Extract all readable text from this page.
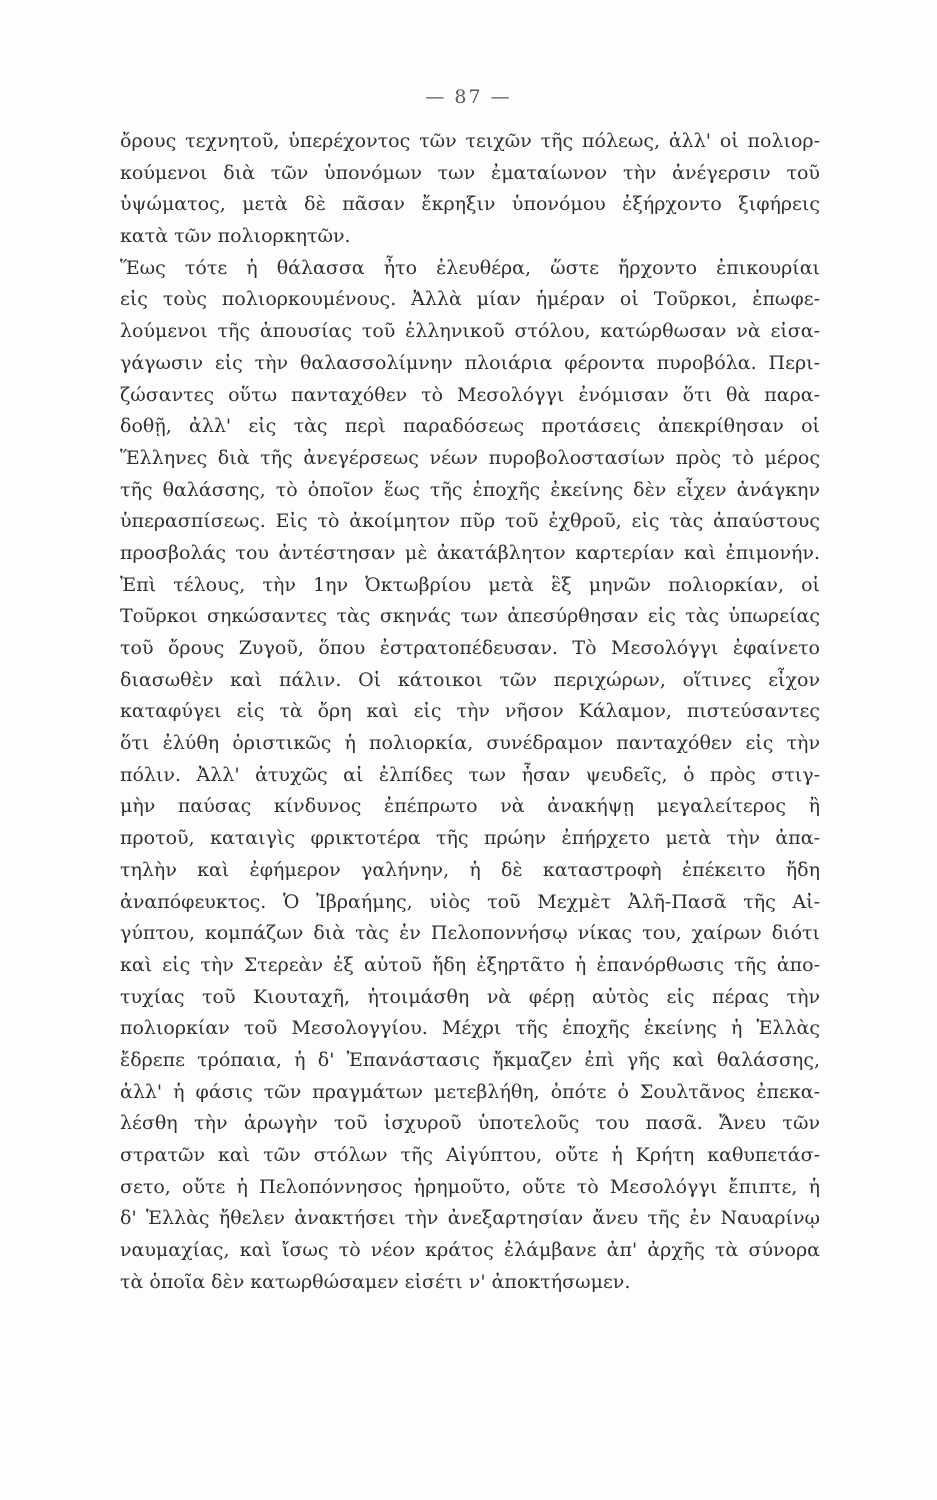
— 87 —
ὄρους τεχνητοῦ, ὑπερέχοντος τῶν τειχῶν τῆς πόλεως, ἀλλ' οἱ πολιορ-
κούμενοι διὰ τῶν ὑπονόμων των ἐματαίωνον τὴν ἀνέγερσιν τοῦ
ὑψώματος, μετὰ δὲ πᾶσαν ἔκρηξιν ὑπονόμου ἐξήρχοντο ξιφήρεις
κατὰ τῶν πολιορκητῶν.
Ἕως τότε ἡ θάλασσα ἦτο ἐλευθέρα, ὥστε ἤρχοντο ἐπικουρίαι
εἰς τοὺς πολιορκουμένους. Ἀλλὰ μίαν ἡμέραν οἱ Τοῦρκοι, ἐπωφε-
λούμενοι τῆς ἀπουσίας τοῦ ἑλληνικοῦ στόλου, κατώρθωσαν νὰ εἰσα-
γάγωσιν εἰς τὴν θαλασσολίμνην πλοιάρια φέροντα πυροβόλα. Περι-
ζώσαντες οὕτω πανταχόθεν τὸ Μεσολόγγι ἐνόμισαν ὅτι θὰ παρα-
δοθῇ, ἀλλ' εἰς τὰς περὶ παραδόσεως προτάσεις ἀπεκρίθησαν οἱ
Ἕλληνες διὰ τῆς ἀνεγέρσεως νέων πυροβολοστασίων πρὸς τὸ μέρος
τῆς θαλάσσης, τὸ ὁποῖον ἕως τῆς ἐποχῆς ἐκείνης δὲν εἶχεν ἀνάγκην
ὑπερασπίσεως. Εἰς τὸ ἀκοίμητον πῦρ τοῦ ἐχθροῦ, εἰς τὰς ἀπαύστους
προσβολάς του ἀντέστησαν μὲ ἀκατάβλητον καρτερίαν καὶ ἐπιμονήν.
Ἐπὶ τέλους, τὴν 1ην Ὀκτωβρίου μετὰ ἓξ μηνῶν πολιορκίαν, οἱ
Τοῦρκοι σηκώσαντες τὰς σκηνάς των ἀπεσύρθησαν εἰς τὰς ὑπωρείας
τοῦ ὄρους Ζυγοῦ, ὅπου ἐστρατοπέδευσαν. Τὸ Μεσολόγγι ἐφαίνετο
διασωθὲν καὶ πάλιν. Οἱ κάτοικοι τῶν περιχώρων, οἵτινες εἶχον
καταφύγει εἰς τὰ ὄρη καὶ εἰς τὴν νῆσον Κάλαμον, πιστεύσαντες
ὅτι ἐλύθη ὁριστικῶς ἡ πολιορκία, συνέδραμον πανταχόθεν εἰς τὴν
πόλιν. Ἀλλ' ἀτυχῶς αἱ ἐλπίδες των ἦσαν ψευδεῖς, ὁ πρὸς στιγ-
μὴν παύσας κίνδυνος ἐπέπρωτο νὰ ἀνακήψῃ μεγαλείτερος ἢ
προτοῦ, καταιγὶς φρικτοτέρα τῆς πρώην ἐπήρχετο μετὰ τὴν ἀπα-
τηλὴν καὶ ἐφήμερον γαλήνην, ἡ δὲ καταστροφὴ ἐπέκειτο ἤδη
ἀναπόφευκτος. Ὁ Ἰβραήμης, υἱὸς τοῦ Μεχμὲτ Ἀλῆ-Πασᾶ τῆς Αἰ-
γύπτου, κομπάζων διὰ τὰς ἐν Πελοποννήσῳ νίκας του, χαίρων διότι
καὶ εἰς τὴν Στερεὰν ἐξ αὐτοῦ ἤδη ἐξηρτᾶτο ἡ ἐπανόρθωσις τῆς ἀπο-
τυχίας τοῦ Κιουταχῆ, ἡτοιμάσθη νὰ φέρῃ αὐτὸς εἰς πέρας τὴν
πολιορκίαν τοῦ Μεσολογγίου. Μέχρι τῆς ἐποχῆς ἐκείνης ἡ Ἑλλὰς
ἔδρεπε τρόπαια, ἡ δ' Ἐπανάστασις ἤκμαζεν ἐπὶ γῆς καὶ θαλάσσης,
ἀλλ' ἡ φάσις τῶν πραγμάτων μετεβλήθη, ὁπότε ὁ Σουλτᾶνος ἐπεκα-
λέσθη τὴν ἀρωγὴν τοῦ ἰσχυροῦ ὑποτελοῦς του πασᾶ. Ἄνευ τῶν
στρατῶν καὶ τῶν στόλων τῆς Αἰγύπτου, οὔτε ἡ Κρήτη καθυπετάσ-
σετο, οὔτε ἡ Πελοπόννησος ἠρημοῦτο, οὔτε τὸ Μεσολόγγι ἔπιπτε, ἡ
δ' Ἑλλὰς ἤθελεν ἀνακτήσει τὴν ἀνεξαρτησίαν ἄνευ τῆς ἐν Ναυαρίνῳ
ναυμαχίας, καὶ ἴσως τὸ νέον κράτος ἐλάμβανε ἀπ' ἀρχῆς τὰ σύνορα
τὰ ὁποῖα δὲν κατωρθώσαμεν εἰσέτι ν' ἀποκτήσωμεν.
